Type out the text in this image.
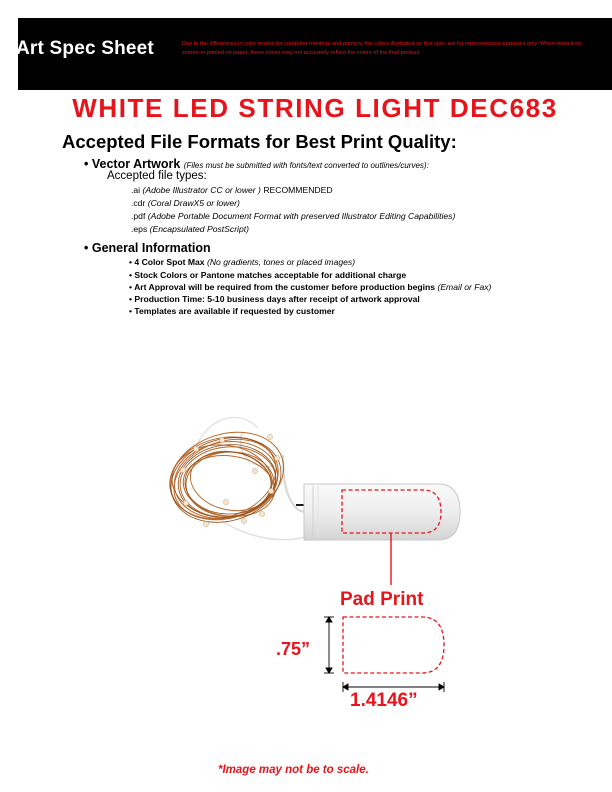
Art Spec Sheet	Due to the differences in color modes for computer monitors and printers, the colors illustrated on this spec are for representation purposes only. When viewed on screen or printed on paper, these colors may not accurately reflect the colors of the final product.
WHITE LED STRING LIGHT DEC683
Accepted File Formats for Best Print Quality:
• Vector Artwork (Files must be submitted with fonts/text converted to outlines/curves):
Accepted file types:
.ai (Adobe Illustrator CC or lower ) RECOMMENDED
.cdr (Coral DrawX5 or lower)
.pdf (Adobe Portable Document Format with preserved Illustrator Editing Capabilities)
.eps (Encapsulated PostScript)
• General Information
• 4 Color Spot Max (No gradients, tones or placed images)
• Stock Colors or Pantone matches acceptable for additional charge
• Art Approval will be required from the customer before production begins (Email or Fax)
• Production Time: 5-10 business days after receipt of artwork approval
• Templates are available if requested by customer
Pad Print
.75”
1.4146”
*Image may not be to scale.
